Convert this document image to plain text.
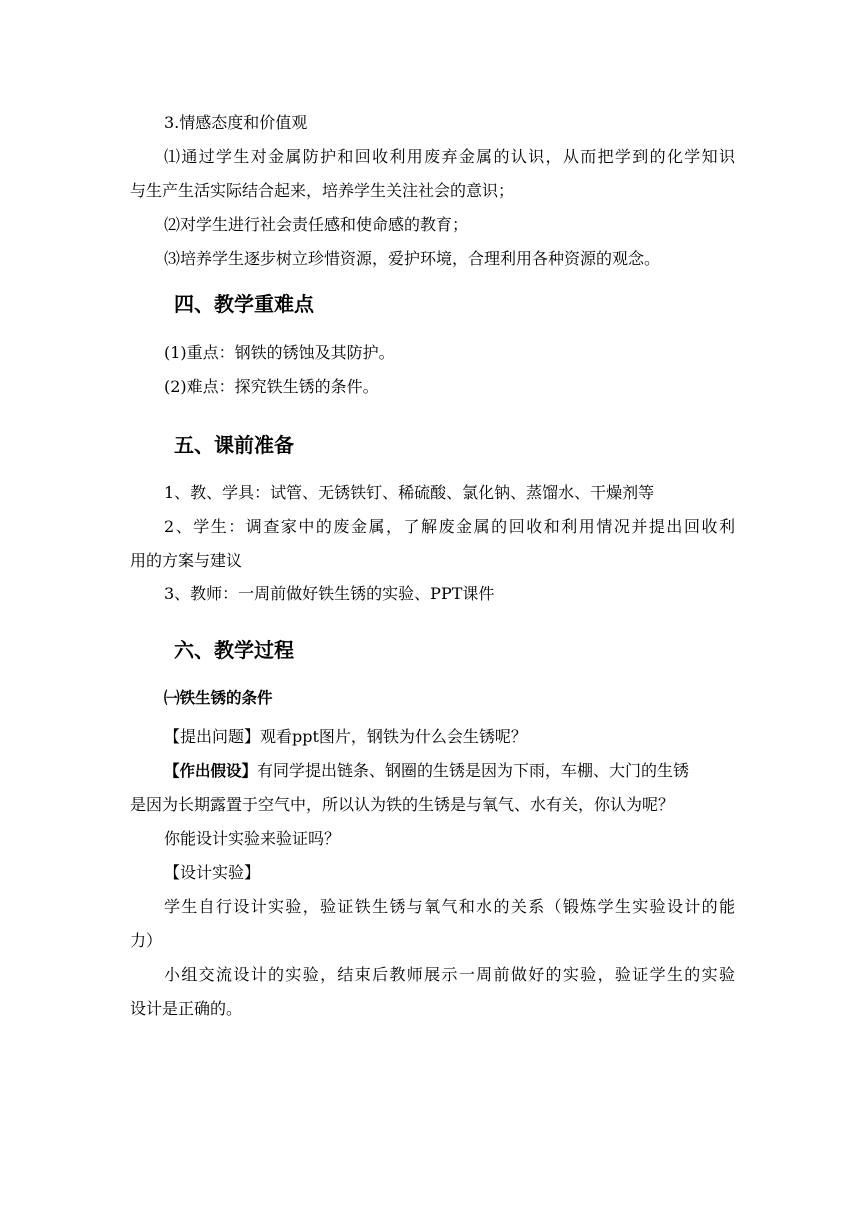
3.情感态度和价值观
⑴通过学生对金属防护和回收利用废弃金属的认识，从而把学到的化学知识
与生产生活实际结合起来，培养学生关注社会的意识；
⑵对学生进行社会责任感和使命感的教育；
⑶培养学生逐步树立珍惜资源，爱护环境，合理利用各种资源的观念。
四、教学重难点
(1)重点：钢铁的锈蚀及其防护。
(2)难点：探究铁生锈的条件。
五、课前准备
1、教、学具：试管、无锈铁钉、稀硫酸、氯化钠、蒸馏水、干燥剂等
2、学生：调查家中的废金属，了解废金属的回收和利用情况并提出回收利
用的方案与建议
3、教师：一周前做好铁生锈的实验、PPT课件
六、教学过程
㈠铁生锈的条件
【提出问题】观看ppt图片，钢铁为什么会生锈呢？
【作出假设】有同学提出链条、钢圈的生锈是因为下雨，车棚、大门的生锈
是因为长期露置于空气中，所以认为铁的生锈是与氧气、水有关，你认为呢？
你能设计实验来验证吗？
【设计实验】
学生自行设计实验，验证铁生锈与氧气和水的关系（锻炼学生实验设计的能
力）
小组交流设计的实验，结束后教师展示一周前做好的实验，验证学生的实验
设计是正确的。
